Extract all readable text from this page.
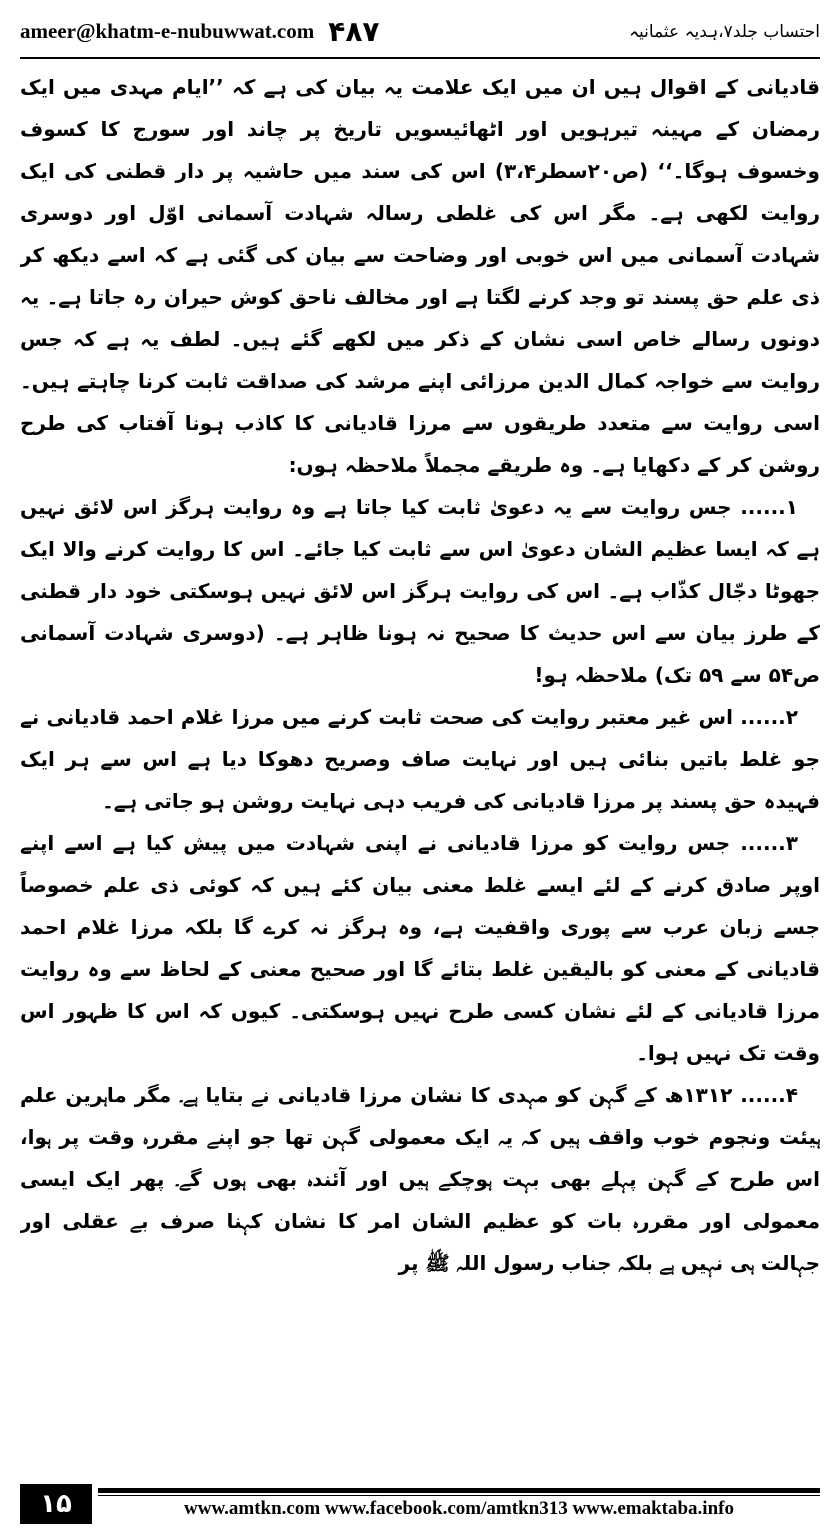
ameer@khatm-e-nubuwwat.com ۴۸۷	احتساب جلد۷،ہدیہ عثمانیہ

قادیانی کے اقوال ہیں ان میں ایک علامت یہ بیان کی ہے کہ ’’ایام مہدی میں ایک رمضان کے مہینہ تیرہویں اور اٹھائیسویں تاریخ پر چاند اور سورج کا کسوف وخسوف ہوگا۔‘‘ (ص۲۰سطر۳،۴) اس کی سند میں حاشیہ پر دار قطنی کی ایک روایت لکھی ہے۔ مگر اس کی غلطی رسالہ شہادت آسمانی اوّل اور دوسری شہادت آسمانی میں اس خوبی اور وضاحت سے بیان کی گئی ہے کہ اسے دیکھ کر ذی علم حق پسند تو وجد کرنے لگتا ہے اور مخالف ناحق کوش حیران رہ جاتا ہے۔ یہ دونوں رسالے خاص اسی نشان کے ذکر میں لکھے گئے ہیں۔ لطف یہ ہے کہ جس روایت سے خواجہ کمال الدین مرزائی اپنے مرشد کی صداقت ثابت کرنا چاہتے ہیں۔ اسی روایت سے متعدد طریقوں سے مرزا قادیانی کا کاذب ہونا آفتاب کی طرح روشن کر کے دکھایا ہے۔ وہ طریقے مجملاً ملاحظہ ہوں:

۱...... جس روایت سے یہ دعویٰ ثابت کیا جاتا ہے وہ روایت ہرگز اس لائق نہیں ہے کہ ایسا عظیم الشان دعویٰ اس سے ثابت کیا جائے۔ اس کا روایت کرنے والا ایک جھوٹا دجّال کذّاب ہے۔ اس کی روایت ہرگز اس لائق نہیں ہوسکتی خود دار قطنی کے طرز بیان سے اس حدیث کا صحیح نہ ہونا ظاہر ہے۔ (دوسری شہادت آسمانی ص۵۴ سے ۵۹ تک) ملاحظہ ہو!

۲...... اس غیر معتبر روایت کی صحت ثابت کرنے میں مرزا غلام احمد قادیانی نے جو غلط باتیں بنائی ہیں اور نہایت صاف وصریح دھوکا دیا ہے اس سے ہر ایک فہیدہ حق پسند پر مرزا قادیانی کی فریب دہی نہایت روشن ہو جاتی ہے۔

۳...... جس روایت کو مرزا قادیانی نے اپنی شہادت میں پیش کیا ہے اسے اپنے اوپر صادق کرنے کے لئے ایسے غلط معنی بیان کئے ہیں کہ کوئی ذی علم خصوصاً جسے زبان عرب سے پوری واقفیت ہے، وہ ہرگز نہ کرے گا بلکہ مرزا غلام احمد قادیانی کے معنی کو بالیقین غلط بتائے گا اور صحیح معنی کے لحاظ سے وہ روایت مرزا قادیانی کے لئے نشان کسی طرح نہیں ہوسکتی۔ کیوں کہ اس کا ظہور اس وقت تک نہیں ہوا۔

۴...... ۱۳۱۲ھ کے گہن کو مہدی کا نشان مرزا قادیانی نے بتایا ہے۔ مگر ماہرین علم ہیئت ونجوم خوب واقف ہیں کہ یہ ایک معمولی گہن تھا جو اپنے مقررہ وقت پر ہوا، اس طرح کے گہن پہلے بھی بہت ہوچکے ہیں اور آئندہ بھی ہوں گے۔ پھر ایک ایسی معمولی اور مقررہ بات کو عظیم الشان امر کا نشان کہنا صرف بے عقلی اور جہالت ہی نہیں ہے بلکہ جناب رسول اللہ ﷺ پر

۱۵	www.amtkn.com www.facebook.com/amtkn313 www.emaktaba.info
